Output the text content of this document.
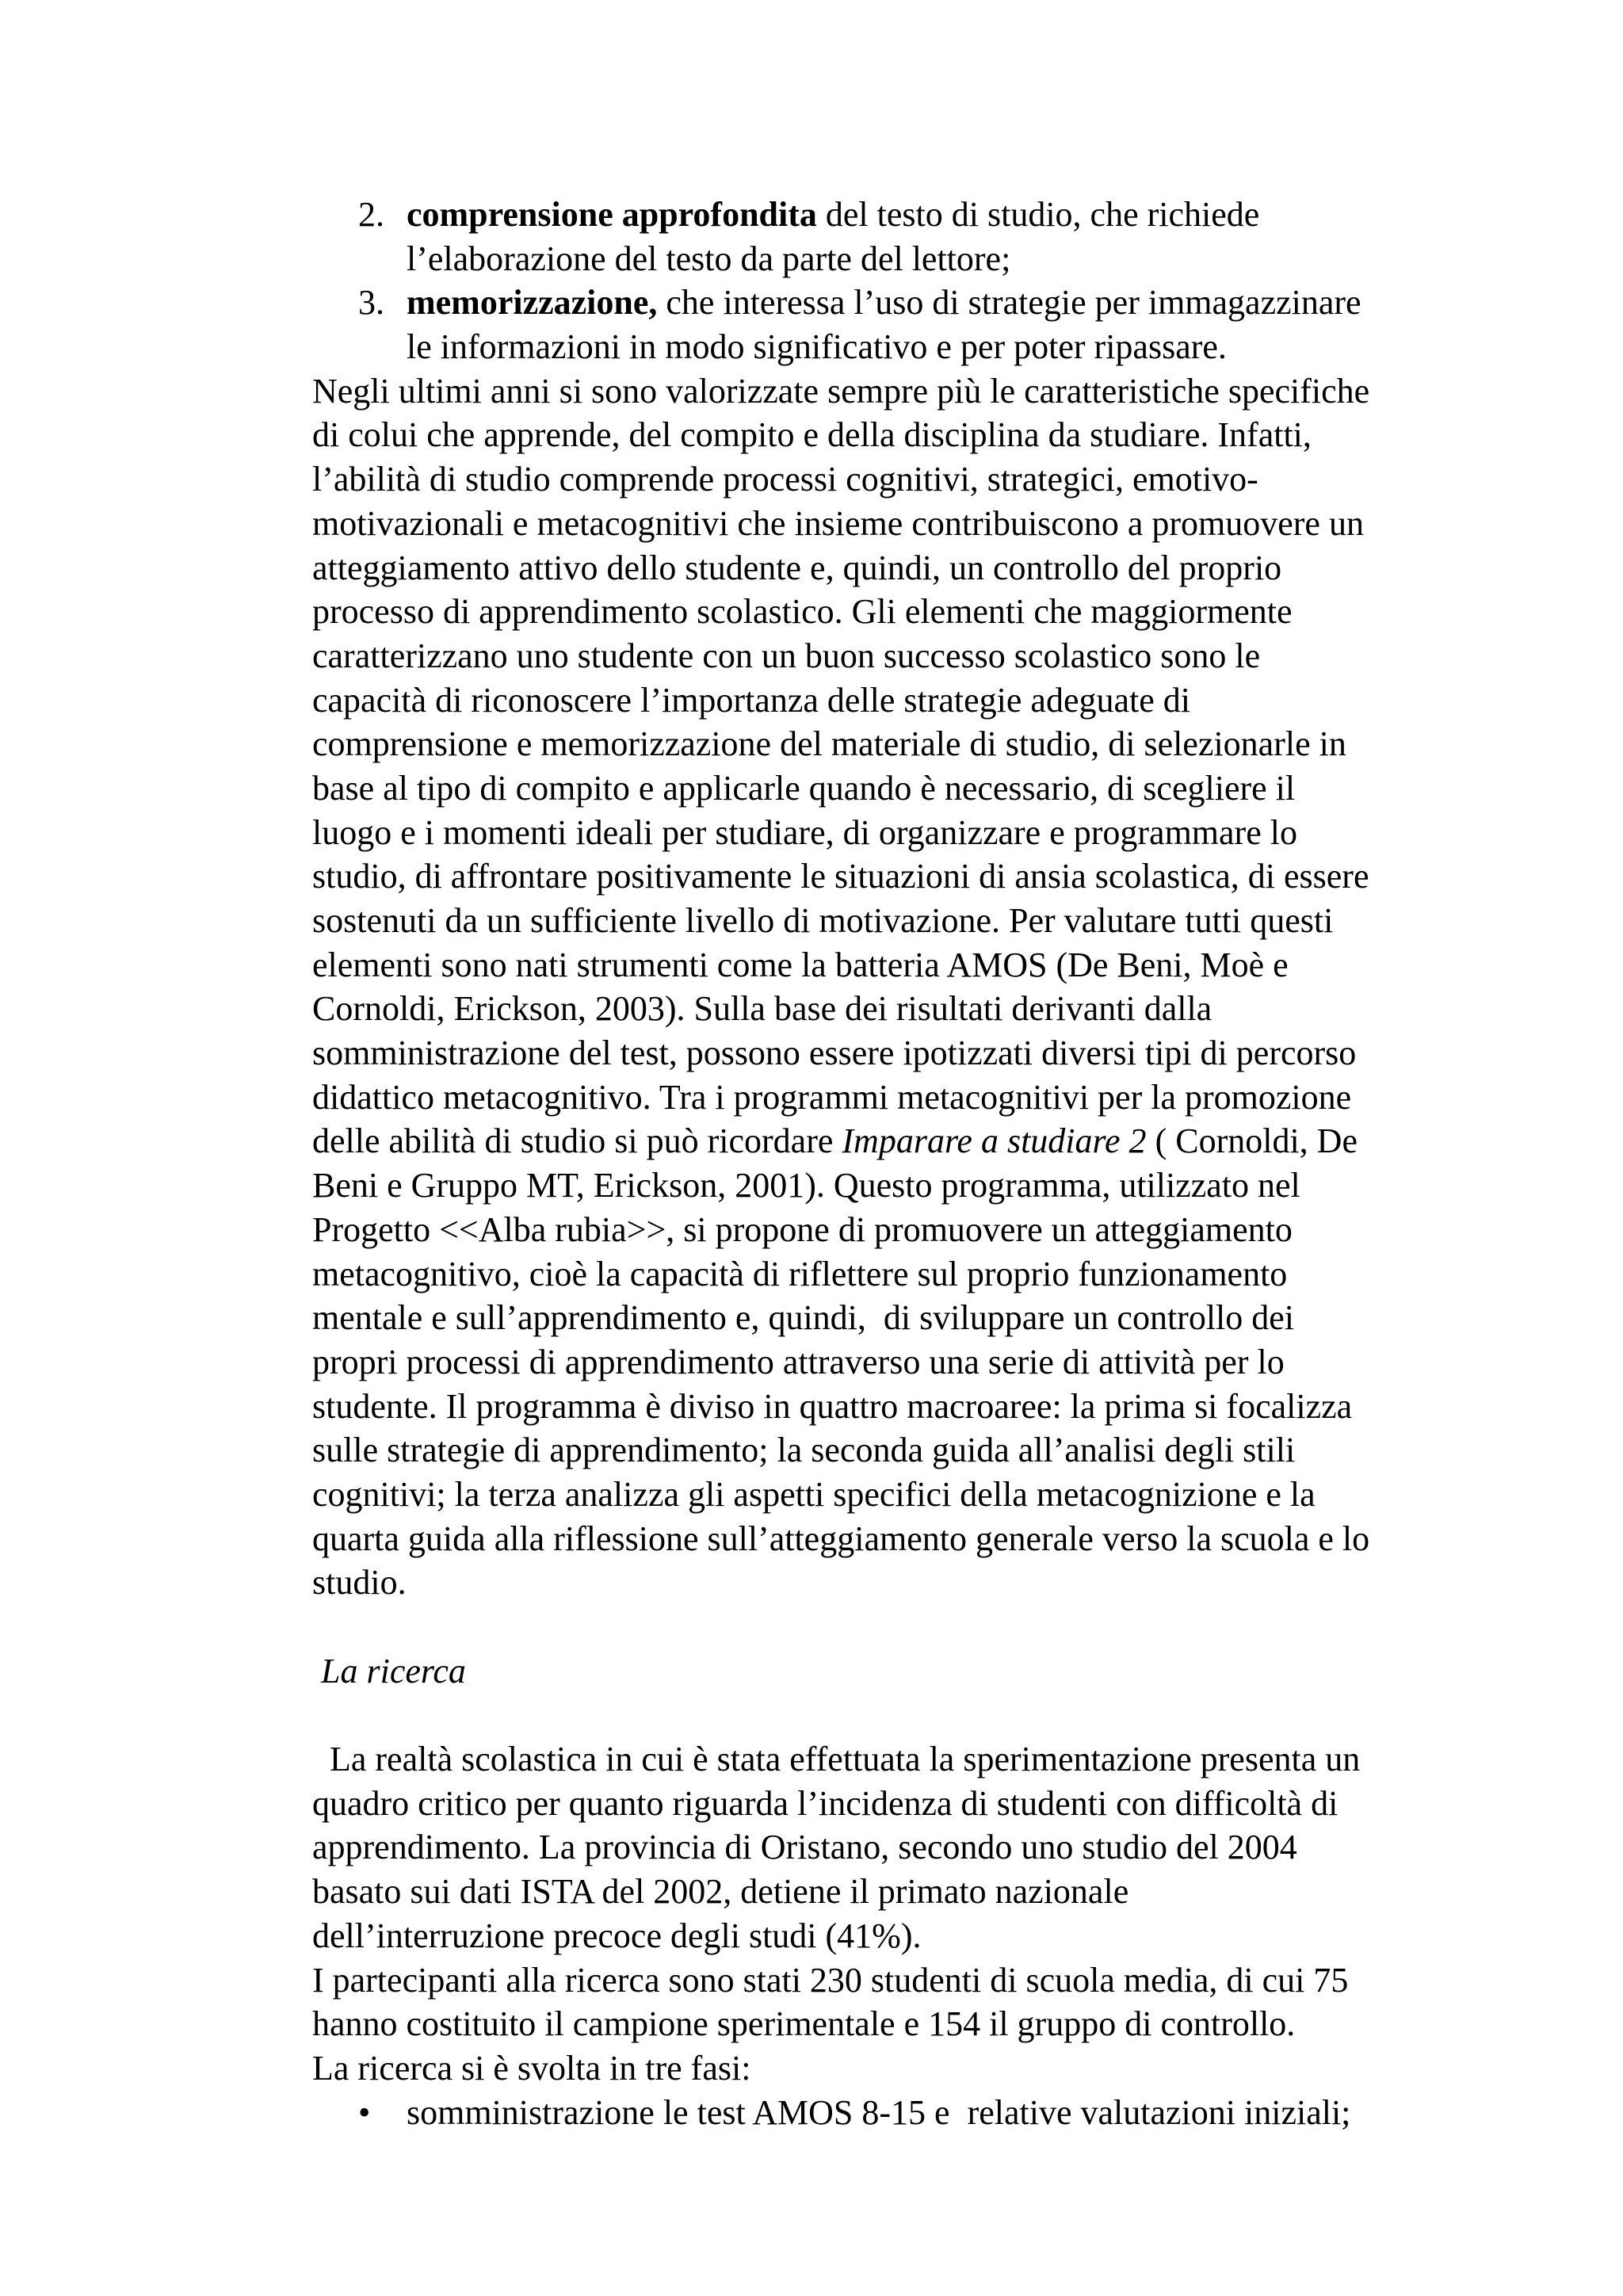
2. comprensione approfondita del testo di studio, che richiede
l’elaborazione del testo da parte del lettore;
3. memorizzazione, che interessa l’uso di strategie per immagazzinare
le informazioni in modo significativo e per poter ripassare.
Negli ultimi anni si sono valorizzate sempre più le caratteristiche specifiche
di colui che apprende, del compito e della disciplina da studiare. Infatti,
l’abilità di studio comprende processi cognitivi, strategici, emotivo-
motivazionali e metacognitivi che insieme contribuiscono a promuovere un
atteggiamento attivo dello studente e, quindi, un controllo del proprio
processo di apprendimento scolastico. Gli elementi che maggiormente
caratterizzano uno studente con un buon successo scolastico sono le
capacità di riconoscere l’importanza delle strategie adeguate di
comprensione e memorizzazione del materiale di studio, di selezionarle in
base al tipo di compito e applicarle quando è necessario, di scegliere il
luogo e i momenti ideali per studiare, di organizzare e programmare lo
studio, di affrontare positivamente le situazioni di ansia scolastica, di essere
sostenuti da un sufficiente livello di motivazione. Per valutare tutti questi
elementi sono nati strumenti come la batteria AMOS (De Beni, Moè e
Cornoldi, Erickson, 2003). Sulla base dei risultati derivanti dalla
somministrazione del test, possono essere ipotizzati diversi tipi di percorso
didattico metacognitivo. Tra i programmi metacognitivi per la promozione
delle abilità di studio si può ricordare Imparare a studiare 2 ( Cornoldi, De
Beni e Gruppo MT, Erickson, 2001). Questo programma, utilizzato nel
Progetto <<Alba rubia>>, si propone di promuovere un atteggiamento
metacognitivo, cioè la capacità di riflettere sul proprio funzionamento
mentale e sull’apprendimento e, quindi,  di sviluppare un controllo dei
propri processi di apprendimento attraverso una serie di attività per lo
studente. Il programma è diviso in quattro macroaree: la prima si focalizza
sulle strategie di apprendimento; la seconda guida all’analisi degli stili
cognitivi; la terza analizza gli aspetti specifici della metacognizione e la
quarta guida alla riflessione sull’atteggiamento generale verso la scuola e lo
studio.
La ricerca
La realtà scolastica in cui è stata effettuata la sperimentazione presenta un
quadro critico per quanto riguarda l’incidenza di studenti con difficoltà di
apprendimento. La provincia di Oristano, secondo uno studio del 2004
basato sui dati ISTA del 2002, detiene il primato nazionale
dell’interruzione precoce degli studi (41%).
I partecipanti alla ricerca sono stati 230 studenti di scuola media, di cui 75
hanno costituito il campione sperimentale e 154 il gruppo di controllo.
La ricerca si è svolta in tre fasi:
• somministrazione le test AMOS 8-15 e  relative valutazioni iniziali;
